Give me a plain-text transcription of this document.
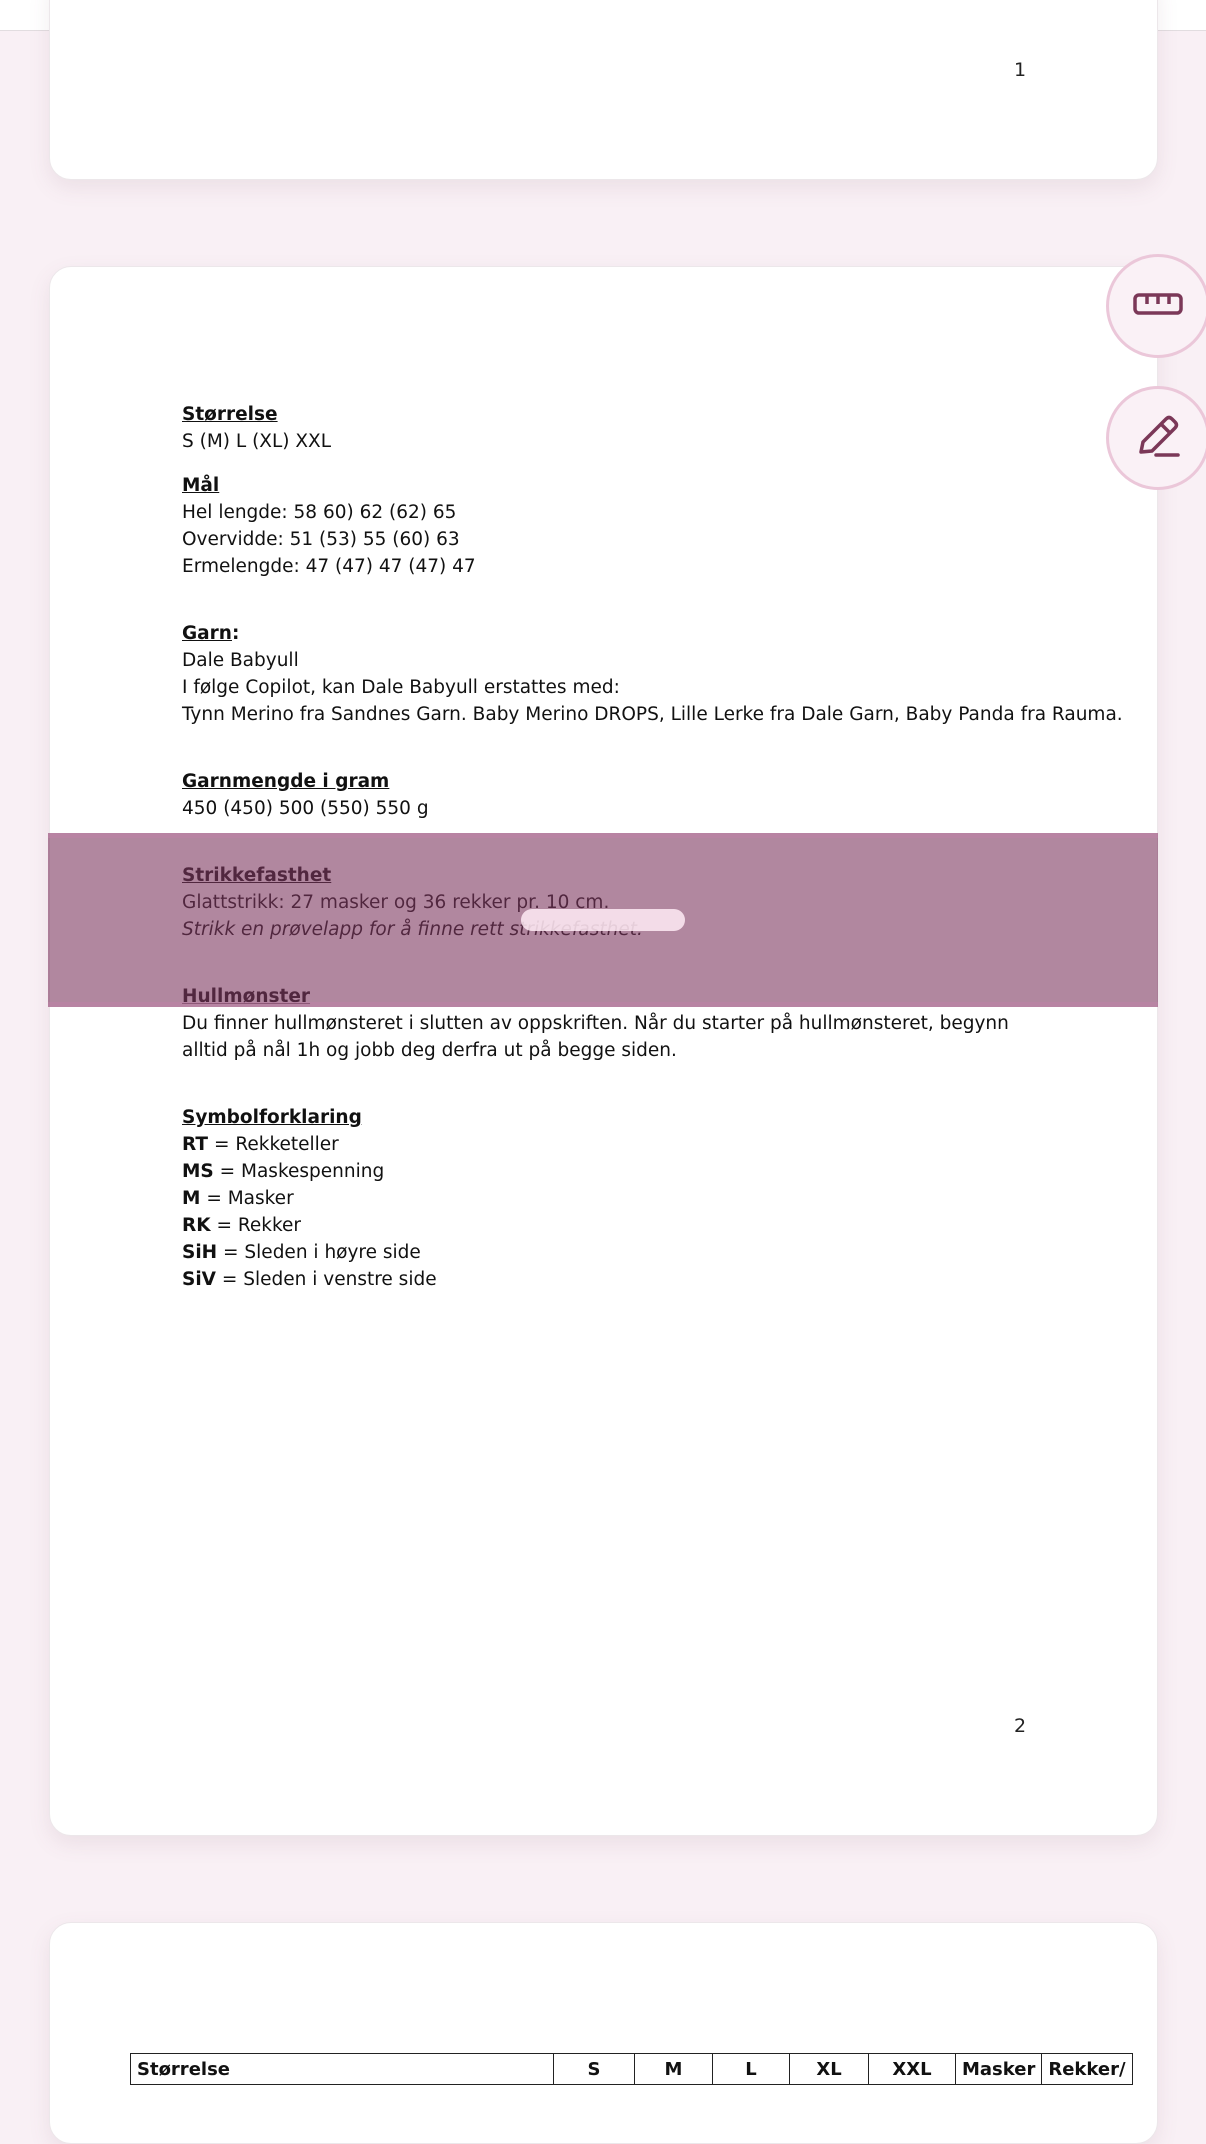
1
Størrelse
S (M) L (XL) XXL
Mål
Hel lengde: 58 60) 62 (62) 65
Overvidde: 51 (53) 55 (60) 63
Ermelengde: 47 (47) 47 (47) 47
Garn:
Dale Babyull
I følge Copilot, kan Dale Babyull erstattes med:
Tynn Merino fra Sandnes Garn. Baby Merino DROPS, Lille Lerke fra Dale Garn, Baby Panda fra Rauma.
Garnmengde i gram
450 (450) 500 (550) 550 g
Du finner hullmønsteret i slutten av oppskriften. Når du starter på hullmønsteret, begynn alltid på nål 1h og jobb deg derfra ut på begge siden.
Symbolforklaring
RT = Rekketeller
MS = Maskespenning
M = Masker
RK = Rekker
SiH = Sleden i høyre side
SiV = Sleden i venstre side
2
Størrelse	S	M	L	XL	XXL	Masker	Rekker/
